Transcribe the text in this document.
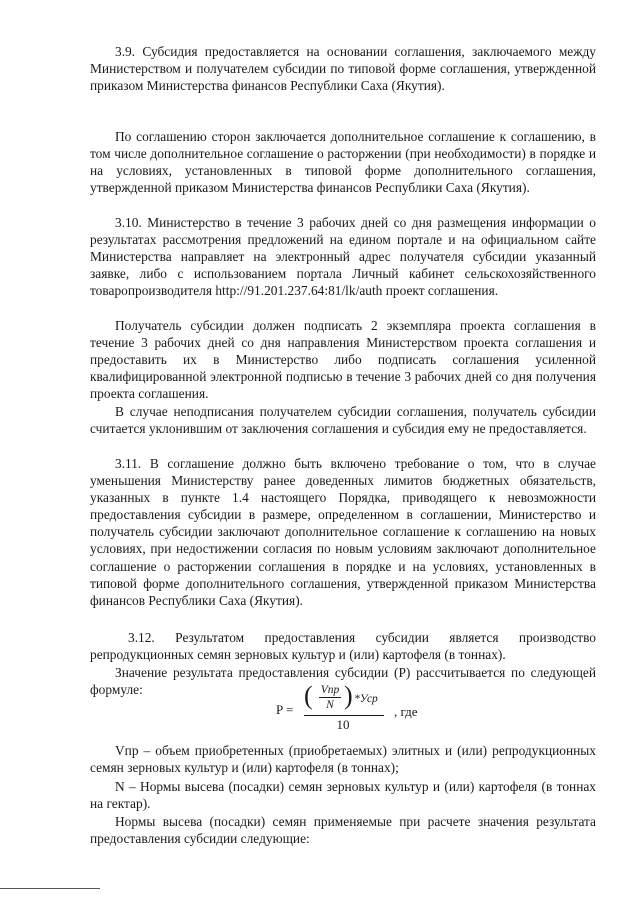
3.9. Субсидия предоставляется на основании соглашения, заключаемого между Министерством и получателем субсидии по типовой форме соглашения, утвержденной приказом Министерства финансов Республики Саха (Якутия).

По соглашению сторон заключается дополнительное соглашение к соглашению, в том числе дополнительное соглашение о расторжении (при необходимости) в порядке и на условиях, установленных в типовой форме дополнительного соглашения, утвержденной приказом Министерства финансов Республики Саха (Якутия).

3.10. Министерство в течение 3 рабочих дней со дня размещения информации о результатах рассмотрения предложений на едином портале и на официальном сайте Министерства направляет на электронный адрес получателя субсидии указанный заявке, либо с использованием портала Личный кабинет сельскохозяйственного товаропроизводителя http://91.201.237.64:81/lk/auth проект соглашения.

Получатель субсидии должен подписать 2 экземпляра проекта соглашения в течение 3 рабочих дней со дня направления Министерством проекта соглашения и предоставить их в Министерство либо подписать соглашения усиленной квалифицированной электронной подписью в течение 3 рабочих дней со дня получения проекта соглашения.

В случае неподписания получателем субсидии соглашения, получатель субсидии считается уклонившим от заключения соглашения и субсидия ему не предоставляется.

3.11. В соглашение должно быть включено требование о том, что в случае уменьшения Министерству ранее доведенных лимитов бюджетных обязательств, указанных в пункте 1.4 настоящего Порядка, приводящего к невозможности предоставления субсидии в размере, определенном в соглашении, Министерство и получатель субсидии заключают дополнительное соглашение к соглашению на новых условиях, при недостижении согласия по новым условиям заключают дополнительное соглашение о расторжении соглашения в порядке и на условиях, установленных в типовой форме дополнительного соглашения, утвержденной приказом Министерства финансов Республики Саха (Якутия).

3.12. Результатом предоставления субсидии является производство репродукционных семян зерновых культур и (или) картофеля (в тоннах).

Значение результата предоставления субсидии (Р) рассчитывается по следующей формуле:

P = ( Vпр
N ) *Уср
10
, где

Vпр – объем приобретенных (приобретаемых) элитных и (или) репродукционных семян зерновых культур и (или) картофеля (в тоннах);

N – Нормы высева (посадки) семян зерновых культур и (или) картофеля (в тоннах на гектар).

Нормы высева (посадки) семян применяемые при расчете значения результата предоставления субсидии следующие:
